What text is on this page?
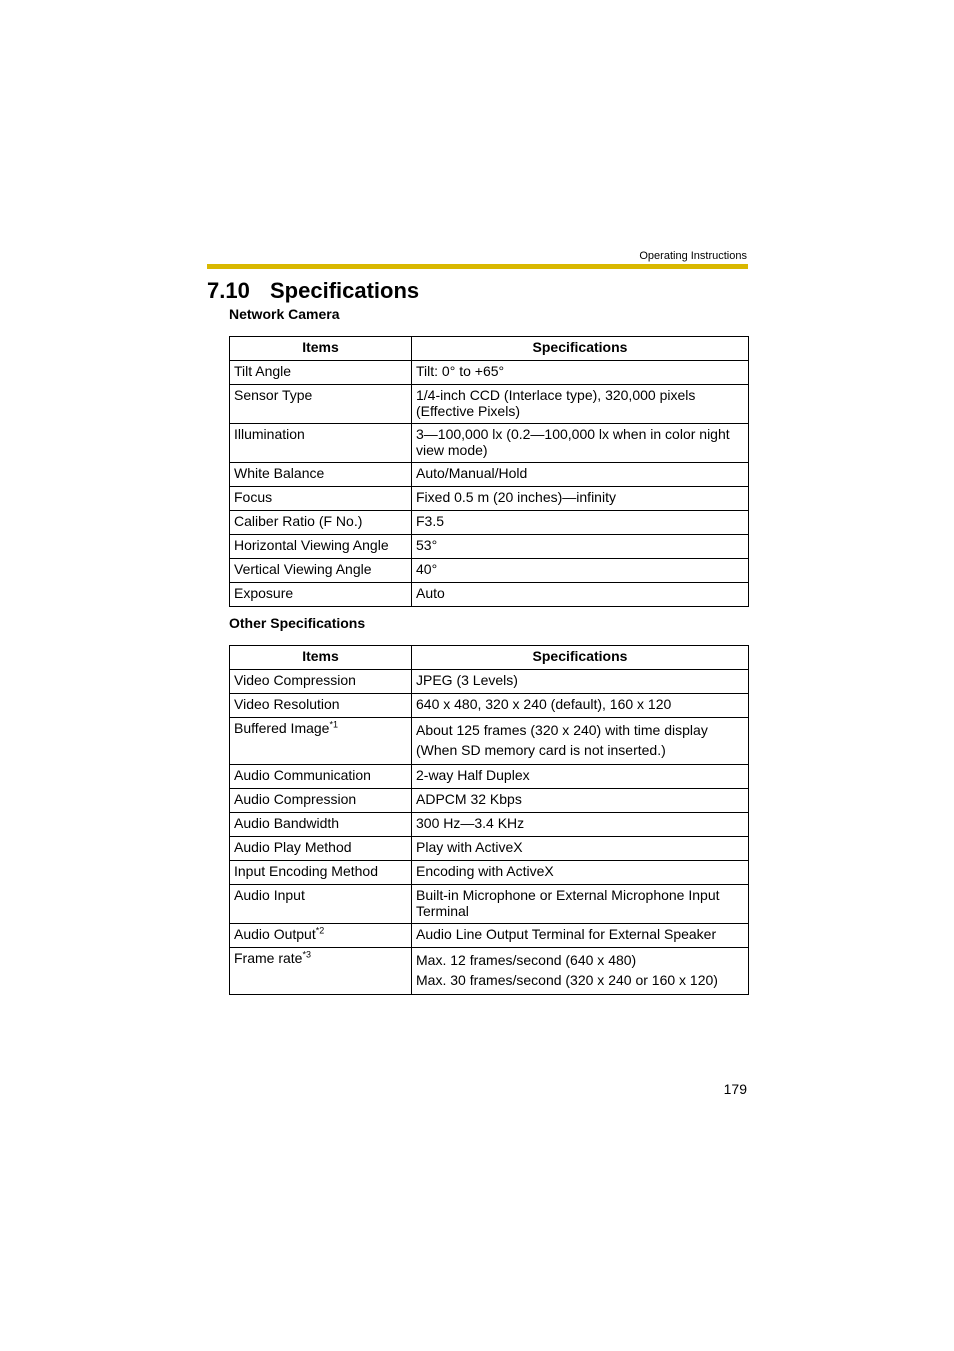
Operating Instructions
7.10 Specifications
Network Camera
Items	Specifications
Tilt Angle	Tilt: 0° to +65°
Sensor Type	1/4-inch CCD (Interlace type), 320,000 pixels (Effective Pixels)
Illumination	3—100,000 lx (0.2—100,000 lx when in color night view mode)
White Balance	Auto/Manual/Hold
Focus	Fixed 0.5 m (20 inches)—infinity
Caliber Ratio (F No.)	F3.5
Horizontal Viewing Angle	53°
Vertical Viewing Angle	40°
Exposure	Auto
Other Specifications
Items	Specifications
Video Compression	JPEG (3 Levels)
Video Resolution	640 x 480, 320 x 240 (default), 160 x 120
Buffered Image$^{*1}$	About 125 frames (320 x 240) with time display
(When SD memory card is not inserted.)

Audio Communication	2-way Half Duplex
Audio Compression	ADPCM 32 Kbps
Audio Bandwidth	300 Hz—3.4 KHz
Audio Play Method	Play with ActiveX
Input Encoding Method	Encoding with ActiveX
Audio Input	Built-in Microphone or External Microphone Input Terminal
Audio Output$^{*2}$	Audio Line Output Terminal for External Speaker
Frame rate$^{*3}$	Max. 12 frames/second (640 x 480)
Max. 30 frames/second (320 x 240 or 160 x 120)
179
